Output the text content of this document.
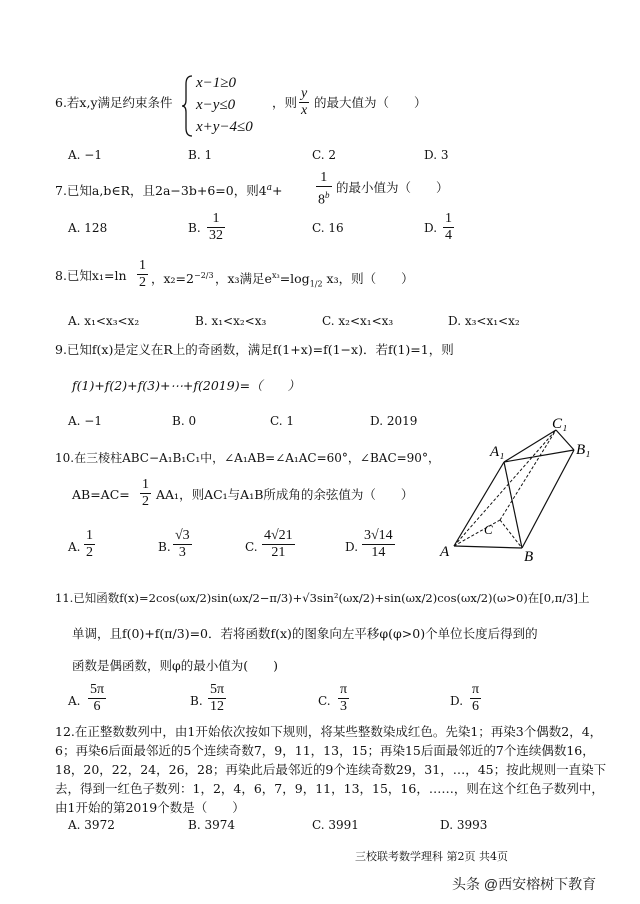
6.若x,y满足约束条件
x−1≥0
x−y≤0
x+y−4≤0
，则 $\frac{y}{x}$ 的最大值为（　　）
A. −1	B. 1	C. 2	D. 3
7.已知a,b∈R，且2a−3b+6=0，则$4^a+ \frac{1}{8^b}$ 的最小值为（　　）
A. 128	B. $\frac{1}{32}$	C. 16	D. $\frac{1}{4}$
8.已知$x_1=\ln \frac{1}{2}$ ，$x_2=2^{-2/3}$ ，x₃满足$e^{x_3}=\log_{1/2}$ x₃，则（　　）
A. x₁<x₃<x₂	B. x₁<x₂<x₃	C. x₂<x₁<x₃	D. x₃<x₁<x₂
9.已知f(x)是定义在R上的奇函数，满足f(1+x)=f(1−x)．若f(1)=1，则
f(1)+f(2)+f(3)+⋯+f(2019)=（　　）
A. −1	B. 0	C. 1	D. 2019
10.在三棱柱ABC−A₁B₁C₁中，∠A₁AB=∠A₁AC=60°，∠BAC=90°，
$AB=AC= \frac{1}{2} AA_1$，则AC₁与A₁B所成角的余弦值为（　　）
A	B
C
A₁	B₁
C₁
A. $\frac{1}{2}$	B. $\frac{√3}{3}$	C. $\frac{4√21}{21}$	D. $\frac{3√14}{14}$
11.已知函数f(x)=2cos(ωx/2)sin(ωx/2−π/3)+√3sin²(ωx/2)+sin(ωx/2)cos(ωx/2)(ω>0)在[0,π/3]上
单调，且f(0)+f(π/3)=0．若将函数f(x)的图象向左平移φ(φ>0)个单位长度后得到的
函数是偶函数，则φ的最小值为(　　)
A. $\frac{5\pi}{6}$	B. $\frac{5\pi}{12}$	C. $\frac{\pi}{3}$	D. $\frac{\pi}{6}$
12.在正整数数列中，由1开始依次按如下规则，将某些整数染成红色。先染1；再染3个偶数2，4，6；再染6后面最邻近的5个连续奇数7，9，11，13，15；再染15后面最邻近的7个连续偶数16，18，20，22，24，26，28；再染此后最邻近的9个连续奇数29，31，…，45；按此规则一直染下去，得到一红色子数列：1，2，4，6，7，9，11，13，15，16，……，则在这个红色子数列中，由1开始的第2019个数是（　　）
A. 3972	B. 3974	C. 3991	D. 3993
三校联考数学理科 第2页 共4页
头条 @西安榕树下教育
